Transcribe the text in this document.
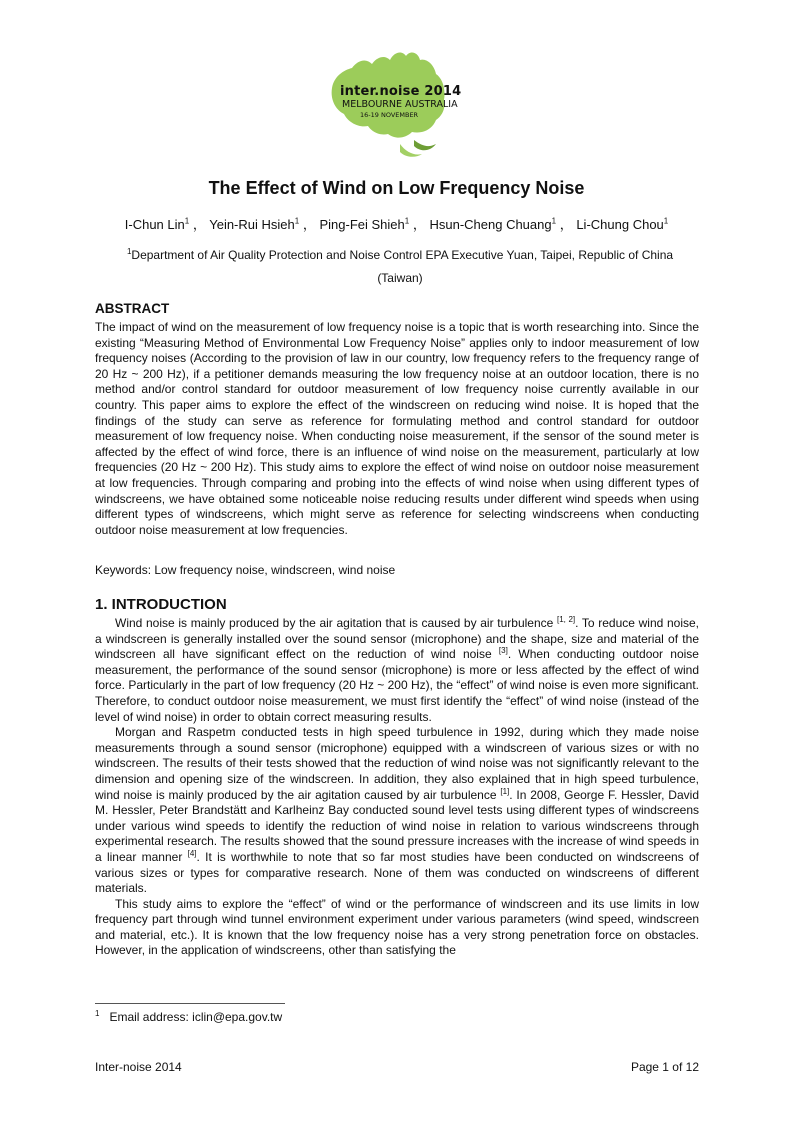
inter.noise 2014
MELBOURNE AUSTRALIA
16-19 NOVEMBER
The Effect of Wind on Low Frequency Noise
I-Chun Lin$^1$ ， Yein-Rui Hsieh$^1$ ， Ping-Fei Shieh$^1$ ， Hsun-Cheng Chuang$^1$ ， Li-Chung Chou$^1$
$^1$Department of Air Quality Protection and Noise Control EPA Executive Yuan, Taipei, Republic of China (Taiwan)
ABSTRACT
The impact of wind on the measurement of low frequency noise is a topic that is worth researching into. Since the existing “Measuring Method of Environmental Low Frequency Noise” applies only to indoor measurement of low frequency noises (According to the provision of law in our country, low frequency refers to the frequency range of 20 Hz ~ 200 Hz), if a petitioner demands measuring the low frequency noise at an outdoor location, there is no method and/or control standard for outdoor measurement of low frequency noise currently available in our country. This paper aims to explore the effect of the windscreen on reducing wind noise. It is hoped that the findings of the study can serve as reference for formulating method and control standard for outdoor measurement of low frequency noise. When conducting noise measurement, if the sensor of the sound meter is affected by the effect of wind force, there is an influence of wind noise on the measurement, particularly at low frequencies (20 Hz ~ 200 Hz). This study aims to explore the effect of wind noise on outdoor noise measurement at low frequencies. Through comparing and probing into the effects of wind noise when using different types of windscreens, we have obtained some noticeable noise reducing results under different wind speeds when using different types of windscreens, which might serve as reference for selecting windscreens when conducting outdoor noise measurement at low frequencies.
Keywords: Low frequency noise, windscreen, wind noise
1. INTRODUCTION

Wind noise is mainly produced by the air agitation that is caused by air turbulence [1, 2]. To reduce wind noise, a windscreen is generally installed over the sound sensor (microphone) and the shape, size and material of the windscreen all have significant effect on the reduction of wind noise [3]. When conducting outdoor noise measurement, the performance of the sound sensor (microphone) is more or less affected by the effect of wind force. Particularly in the part of low frequency (20 Hz ~ 200 Hz), the “effect” of wind noise is even more significant. Therefore, to conduct outdoor noise measurement, we must first identify the “effect” of wind noise (instead of the level of wind noise) in order to obtain correct measuring results.

Morgan and Raspetm conducted tests in high speed turbulence in 1992, during which they made noise measurements through a sound sensor (microphone) equipped with a windscreen of various sizes or with no windscreen. The results of their tests showed that the reduction of wind noise was not significantly relevant to the dimension and opening size of the windscreen. In addition, they also explained that in high speed turbulence, wind noise is mainly produced by the air agitation caused by air turbulence [1]. In 2008, George F. Hessler, David M. Hessler, Peter Brandstätt and Karlheinz Bay conducted sound level tests using different types of windscreens under various wind speeds to identify the reduction of wind noise in relation to various windscreens through experimental research. The results showed that the sound pressure increases with the increase of wind speeds in a linear manner [4]. It is worthwhile to note that so far most studies have been conducted on windscreens of various sizes or types for comparative research. None of them was conducted on windscreens of different materials.

This study aims to explore the “effect” of wind or the performance of windscreen and its use limits in low frequency part through wind tunnel environment experiment under various parameters (wind speed, windscreen and material, etc.). It is known that the low frequency noise has a very strong penetration force on obstacles. However, in the application of windscreens, other than satisfying the

$^1$ Email address: iclin@epa.gov.tw
Inter-noise 2014	Page 1 of 12
